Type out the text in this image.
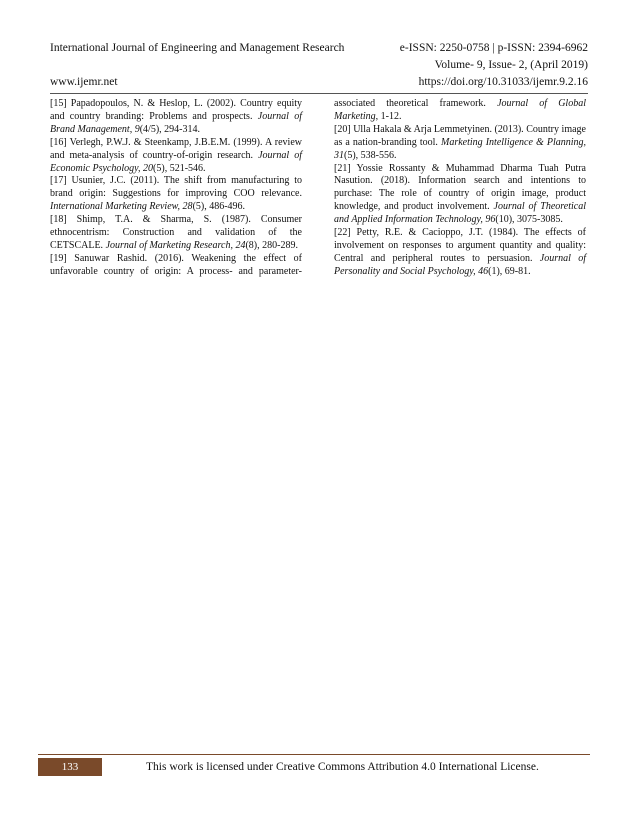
International Journal of Engineering and Management Research	e-ISSN: 2250-0758 | p-ISSN: 2394-6962
Volume- 9, Issue- 2, (April 2019)
www.ijemr.net	https://doi.org/10.31033/ijemr.9.2.16

[15] Papadopoulos, N. & Heslop, L. (2002). Country equity and country branding: Problems and prospects. Journal of Brand Management, 9(4/5), 294-314.

[16] Verlegh, P.W.J. & Steenkamp, J.B.E.M. (1999). A review and meta-analysis of country-of-origin research. Journal of Economic Psychology, 20(5), 521-546.

[17] Usunier, J.C. (2011). The shift from manufacturing to brand origin: Suggestions for improving COO relevance. International Marketing Review, 28(5), 486-496.

[18] Shimp, T.A. & Sharma, S. (1987). Consumer ethnocentrism: Construction and validation of the CETSCALE. Journal of Marketing Research, 24(8), 280-289.

[19] Sanuwar Rashid. (2016). Weakening the effect of unfavorable country of origin: A process- and parameter-

associated theoretical framework. Journal of Global Marketing, 1-12.

[20] Ulla Hakala & Arja Lemmetyinen. (2013). Country image as a nation-branding tool. Marketing Intelligence & Planning, 31(5), 538-556.

[21] Yossie Rossanty & Muhammad Dharma Tuah Putra Nasution. (2018). Information search and intentions to purchase: The role of country of origin image, product knowledge, and product involvement. Journal of Theoretical and Applied Information Technology, 96(10), 3075-3085.

[22] Petty, R.E. & Cacioppo, J.T. (1984). The effects of involvement on responses to argument quantity and quality: Central and peripheral routes to persuasion. Journal of Personality and Social Psychology, 46(1), 69-81.

133	This work is licensed under Creative Commons Attribution 4.0 International License.
